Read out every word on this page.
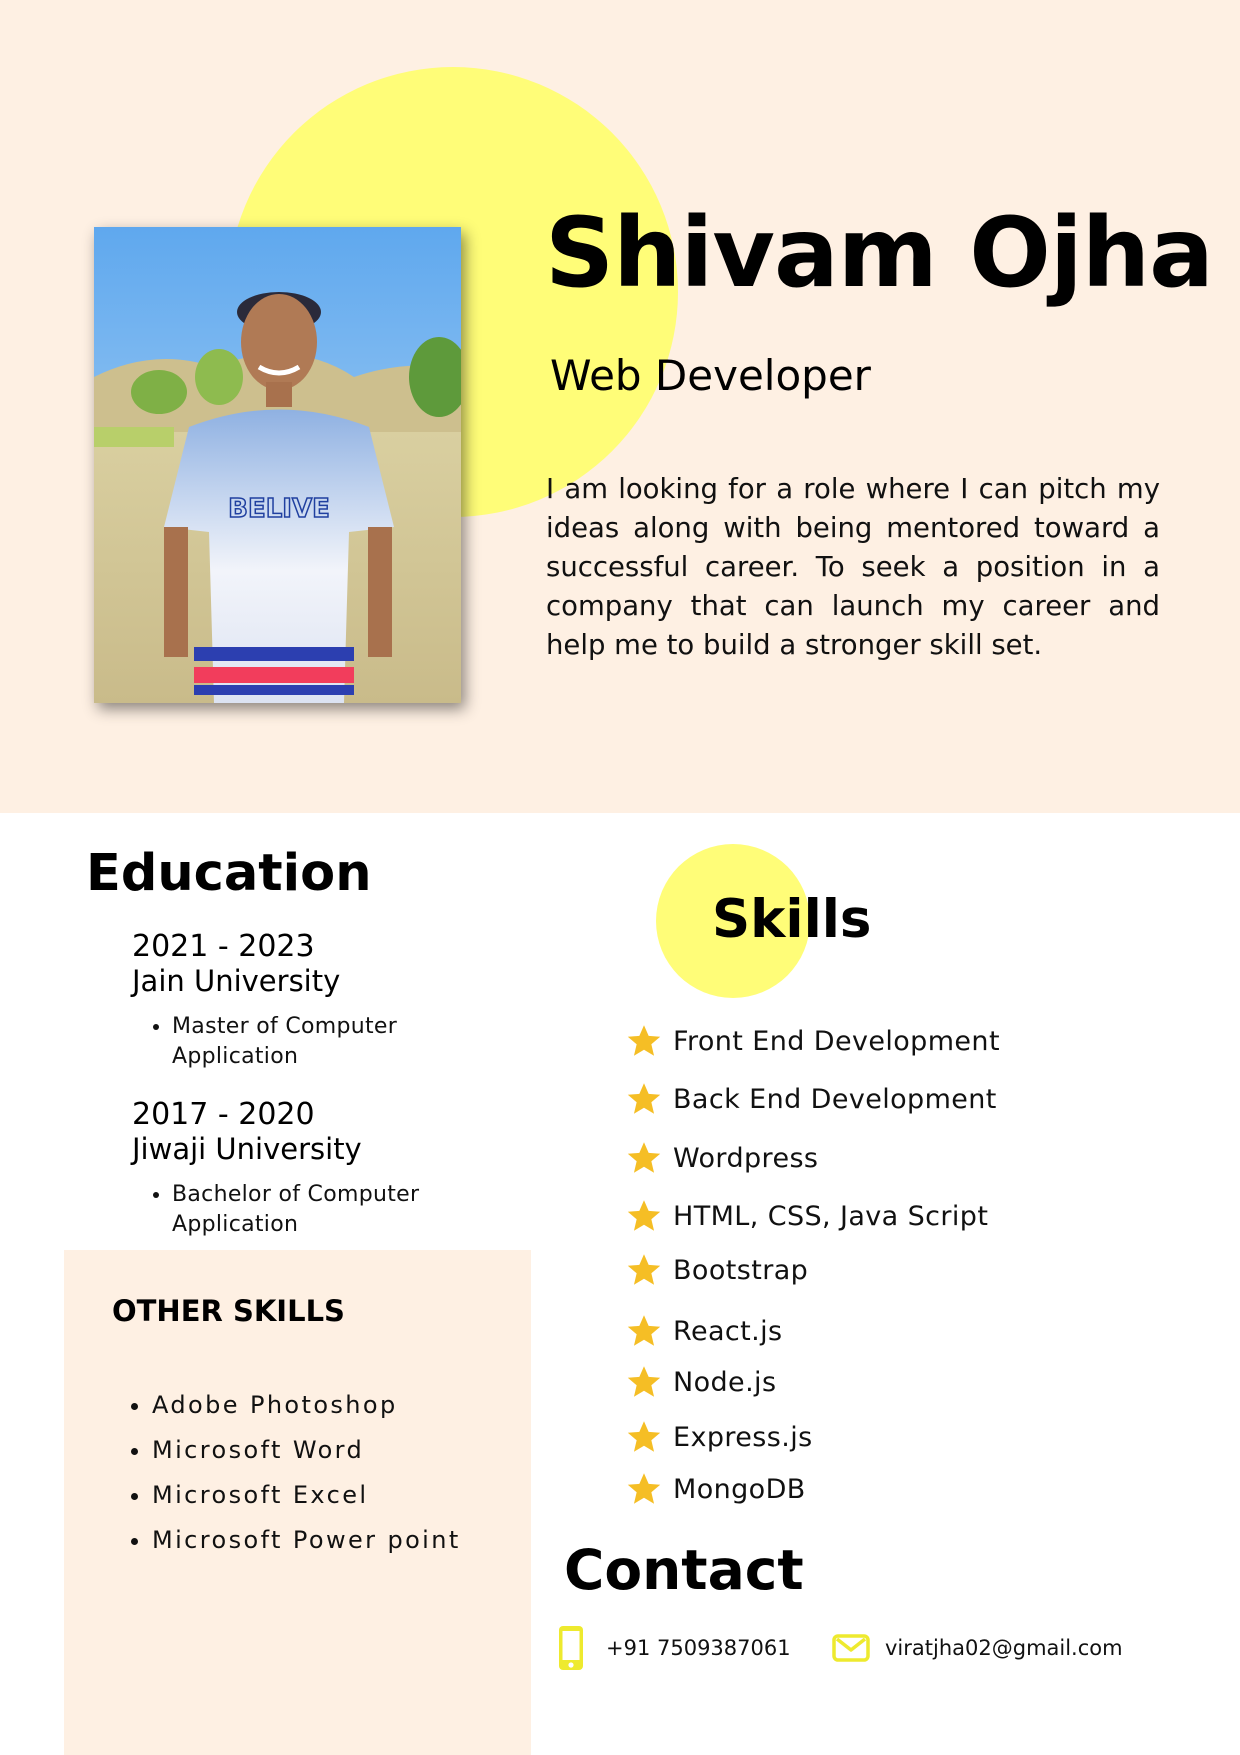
BELIVE
Shivam Ojha
Web Developer
I am looking for a role where I can pitch my ideas along with being mentored toward a successful career. To seek a position in a company that can launch my career and help me to build a stronger skill set.
Education
2021 - 2023
Jain University
• Master of Computer Application
2017 - 2020
Jiwaji University
• Bachelor of Computer Application
OTHER SKILLS
• Adobe Photoshop
• Microsoft Word
• Microsoft Excel
• Microsoft Power point
Skills
Front End Development
Back End Development
Wordpress
HTML, CSS, Java Script
Bootstrap
React.js
Node.js
Express.js
MongoDB
Contact
+91 7509387061	viratjha02@gmail.com
